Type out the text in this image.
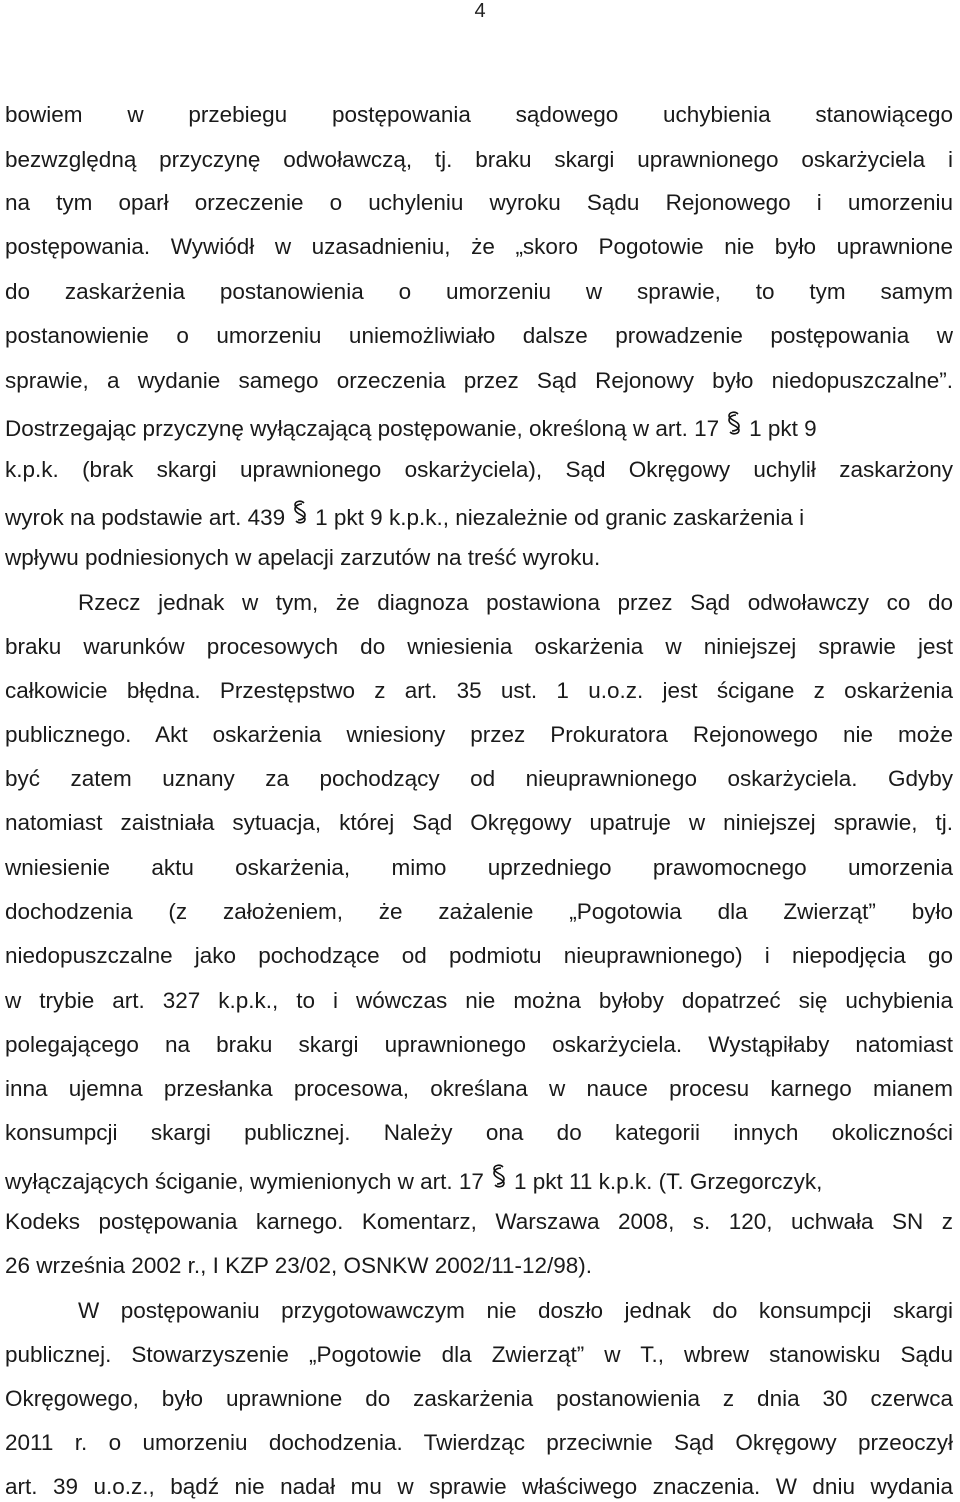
4
bowiem w przebiegu postępowania sądowego uchybienia stanowiącego
bezwzględną przyczynę odwoławczą, tj. braku skargi uprawnionego oskarżyciela i
na tym oparł orzeczenie o uchyleniu wyroku Sądu Rejonowego i umorzeniu
postępowania. Wywiódł w uzasadnieniu, że „skoro Pogotowie nie było uprawnione
do zaskarżenia postanowienia o umorzeniu w sprawie, to tym samym
postanowienie o umorzeniu uniemożliwiało dalsze prowadzenie postępowania w
sprawie, a wydanie samego orzeczenia przez Sąd Rejonowy było niedopuszczalne”.
Dostrzegając przyczynę wyłączającą postępowanie, określoną w art. 17 1 pkt 9
k.p.k. (brak skargi uprawnionego oskarżyciela), Sąd Okręgowy uchylił zaskarżony
wyrok na podstawie art. 439 1 pkt 9 k.p.k., niezależnie od granic zaskarżenia i
wpływu podniesionych w apelacji zarzutów na treść wyroku.
Rzecz jednak w tym, że diagnoza postawiona przez Sąd odwoławczy co do
braku warunków procesowych do wniesienia oskarżenia w niniejszej sprawie jest
całkowicie błędna. Przestępstwo z art. 35 ust. 1 u.o.z. jest ścigane z oskarżenia
publicznego. Akt oskarżenia wniesiony przez Prokuratora Rejonowego nie może
być zatem uznany za pochodzący od nieuprawnionego oskarżyciela. Gdyby
natomiast zaistniała sytuacja, której Sąd Okręgowy upatruje w niniejszej sprawie, tj.
wniesienie aktu oskarżenia, mimo uprzedniego prawomocnego umorzenia
dochodzenia (z założeniem, że zażalenie „Pogotowia dla Zwierząt” było
niedopuszczalne jako pochodzące od podmiotu nieuprawnionego) i niepodjęcia go
w trybie art. 327 k.p.k., to i wówczas nie można byłoby dopatrzeć się uchybienia
polegającego na braku skargi uprawnionego oskarżyciela. Wystąpiłaby natomiast
inna ujemna przesłanka procesowa, określana w nauce procesu karnego mianem
konsumpcji skargi publicznej. Należy ona do kategorii innych okoliczności
wyłączających ściganie, wymienionych w art. 17 1 pkt 11 k.p.k. (T. Grzegorczyk,
Kodeks postępowania karnego. Komentarz, Warszawa 2008, s. 120, uchwała SN z
26 września 2002 r., I KZP 23/02, OSNKW 2002/11-12/98).
W postępowaniu przygotowawczym nie doszło jednak do konsumpcji skargi
publicznej. Stowarzyszenie „Pogotowie dla Zwierząt” w T., wbrew stanowisku Sądu
Okręgowego, było uprawnione do zaskarżenia postanowienia z dnia 30 czerwca
2011 r. o umorzeniu dochodzenia. Twierdząc przeciwnie Sąd Okręgowy przeoczył
art. 39 u.o.z., bądź nie nadał mu w sprawie właściwego znaczenia. W dniu wydania
